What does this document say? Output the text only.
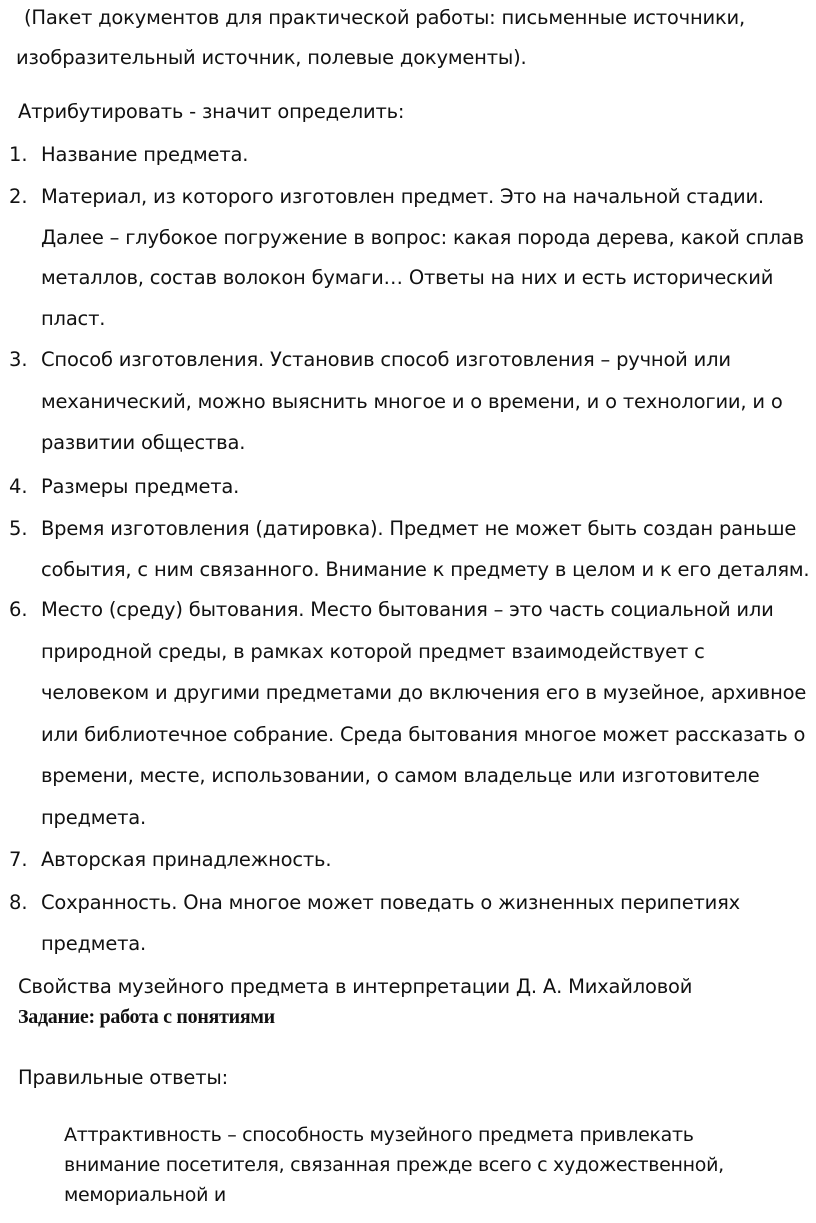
(Пакет документов для практической работы: письменные источники,
изобразительный источник, полевые документы).
Атрибутировать - значит определить:
1. Название предмета.
2. Материал, из которого изготовлен предмет. Это на начальной стадии.
Далее – глубокое погружение в вопрос: какая порода дерева, какой сплав
металлов, состав волокон бумаги… Ответы на них и есть исторический
пласт.
3. Способ изготовления. Установив способ изготовления – ручной или
механический, можно выяснить многое и о времени, и о технологии, и о
развитии общества.
4. Размеры предмета.
5. Время изготовления (датировка). Предмет не может быть создан раньше
события, с ним связанного. Внимание к предмету в целом и к его деталям.
6. Место (среду) бытования. Место бытования – это часть социальной или
природной среды, в рамках которой предмет взаимодействует с
человеком и другими предметами до включения его в музейное, архивное
или библиотечное собрание. Среда бытования многое может рассказать о
времени, месте, использовании, о самом владельце или изготовителе
предмета.
7. Авторская принадлежность.
8. Сохранность. Она многое может поведать о жизненных перипетиях
предмета.
Свойства музейного предмета в интерпретации Д. А. Михайловой
Задание: работа с понятиями
Правильные ответы:
Аттрактивность – способность музейного предмета привлекать
внимание посетителя, связанная прежде всего с художественной,
мемориальной и
